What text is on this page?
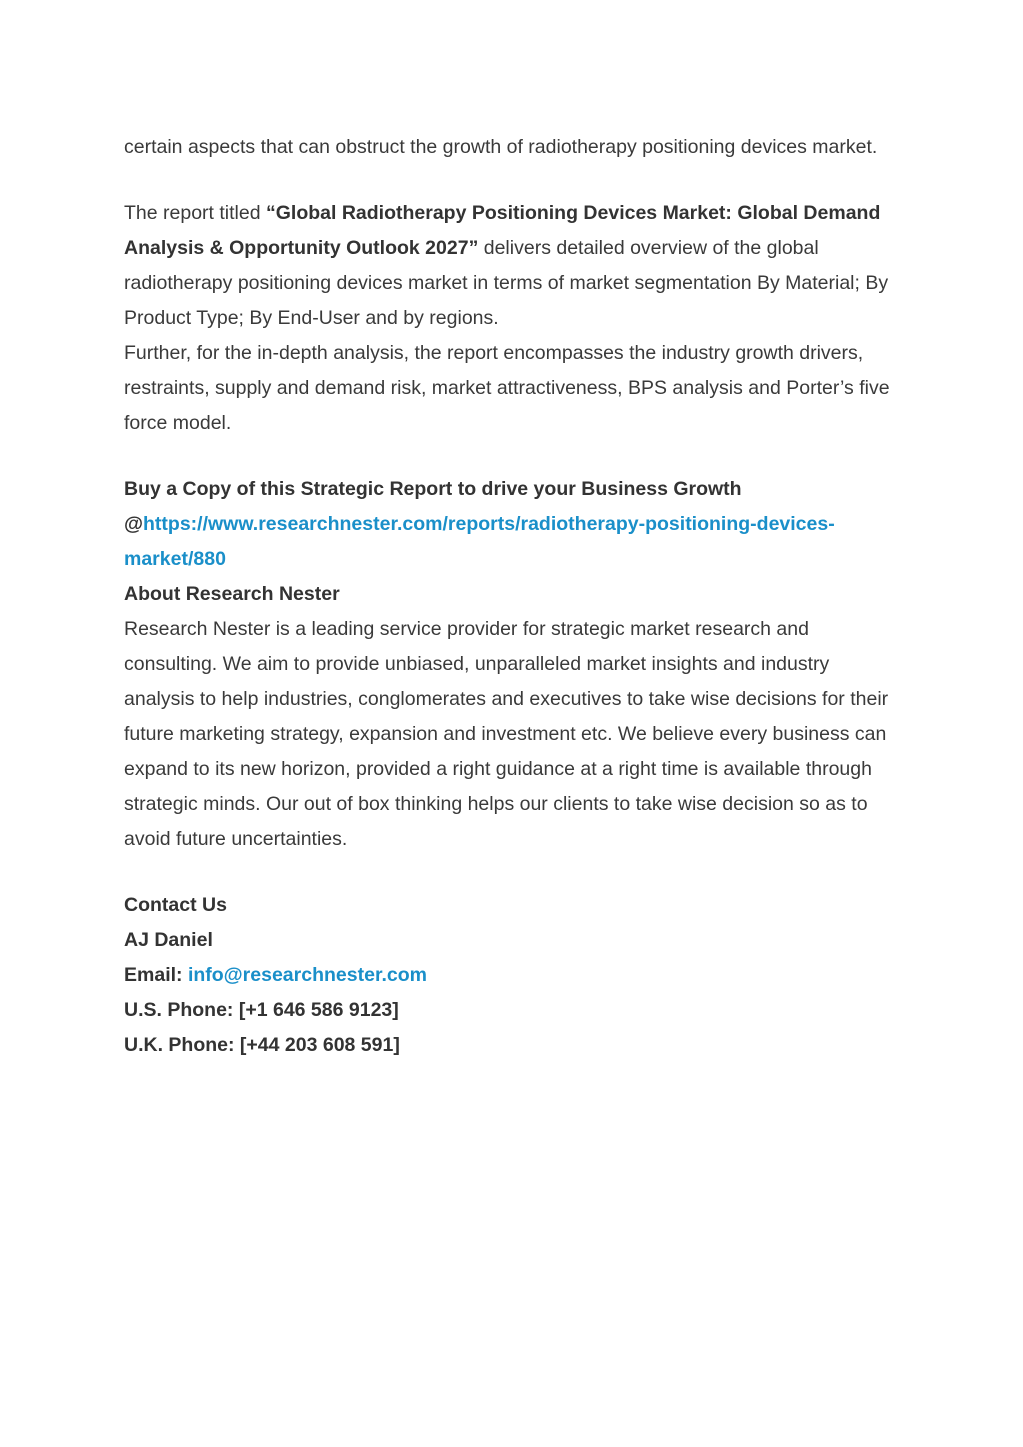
certain aspects that can obstruct the growth of radiotherapy positioning devices market.

The report titled “Global Radiotherapy Positioning Devices Market: Global Demand Analysis & Opportunity Outlook 2027” delivers detailed overview of the global radiotherapy positioning devices market in terms of market segmentation By Material; By Product Type; By End-User and by regions.

Further, for the in-depth analysis, the report encompasses the industry growth drivers, restraints, supply and demand risk, market attractiveness, BPS analysis and Porter’s five force model.

Buy a Copy of this Strategic Report to drive your Business Growth

@https://www.researchnester.com/reports/radiotherapy-positioning-devices-market/880

About Research Nester

Research Nester is a leading service provider for strategic market research and consulting. We aim to provide unbiased, unparalleled market insights and industry analysis to help industries, conglomerates and executives to take wise decisions for their future marketing strategy, expansion and investment etc. We believe every business can expand to its new horizon, provided a right guidance at a right time is available through strategic minds. Our out of box thinking helps our clients to take wise decision so as to avoid future uncertainties.

Contact Us

AJ Daniel

Email: info@researchnester.com

U.S. Phone: [+1 646 586 9123]

U.K. Phone: [+44 203 608 591]
